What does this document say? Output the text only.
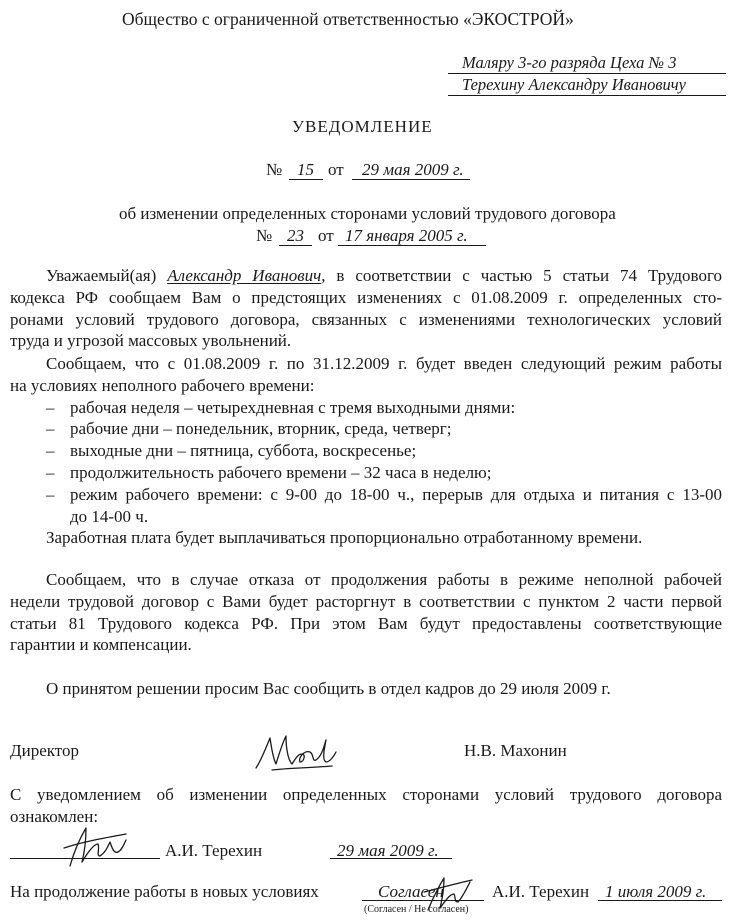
Общество с ограниченной ответственностью «ЭКОСТРОЙ»
Маляру 3-го разряда Цеха № 3
Терехину Александру Ивановичу
УВЕДОМЛЕНИЕ
№ 15 от 29 мая 2009 г.
об изменении определенных сторонами условий трудового договора
№ 23 от 17 января 2005 г.
Уважаемый(ая) Александр Иванович, в соответствии с частью 5 статьи 74 Трудового
кодекса РФ сообщаем Вам о предстоящих изменениях с 01.08.2009 г. определенных сто-
ронами условий трудового договора, связанных с изменениями технологических условий
труда и угрозой массовых увольнений.
Сообщаем, что с 01.08.2009 г. по 31.12.2009 г. будет введен следующий режим работы
на условиях неполного рабочего времени:
– рабочая неделя – четырехдневная с тремя выходными днями:
– рабочие дни – понедельник, вторник, среда, четверг;
– выходные дни – пятница, суббота, воскресенье;
– продолжительность рабочего времени – 32 часа в неделю;
– режим рабочего времени: с 9-00 до 18-00 ч., перерыв для отдыха и питания с 13-00
до 14-00 ч.
Заработная плата будет выплачиваться пропорционально отработанному времени.
Сообщаем, что в случае отказа от продолжения работы в режиме неполной рабочей
недели трудовой договор с Вами будет расторгнут в соответствии с пунктом 2 части первой
статьи 81 Трудового кодекса РФ. При этом Вам будут предоставлены соответствующие
гарантии и компенсации.
О принятом решении просим Вас сообщить в отдел кадров до 29 июля 2009 г.
Директор	Н.В. Махонин
С уведомлением об изменении определенных сторонами условий трудового договора
ознакомлен:
А.И. Терехин	29 мая 2009 г.
На продолжение работы в новых условиях	Согласен
(Согласен / Не согласен)
А.И. Терехин 1 июля 2009 г.
